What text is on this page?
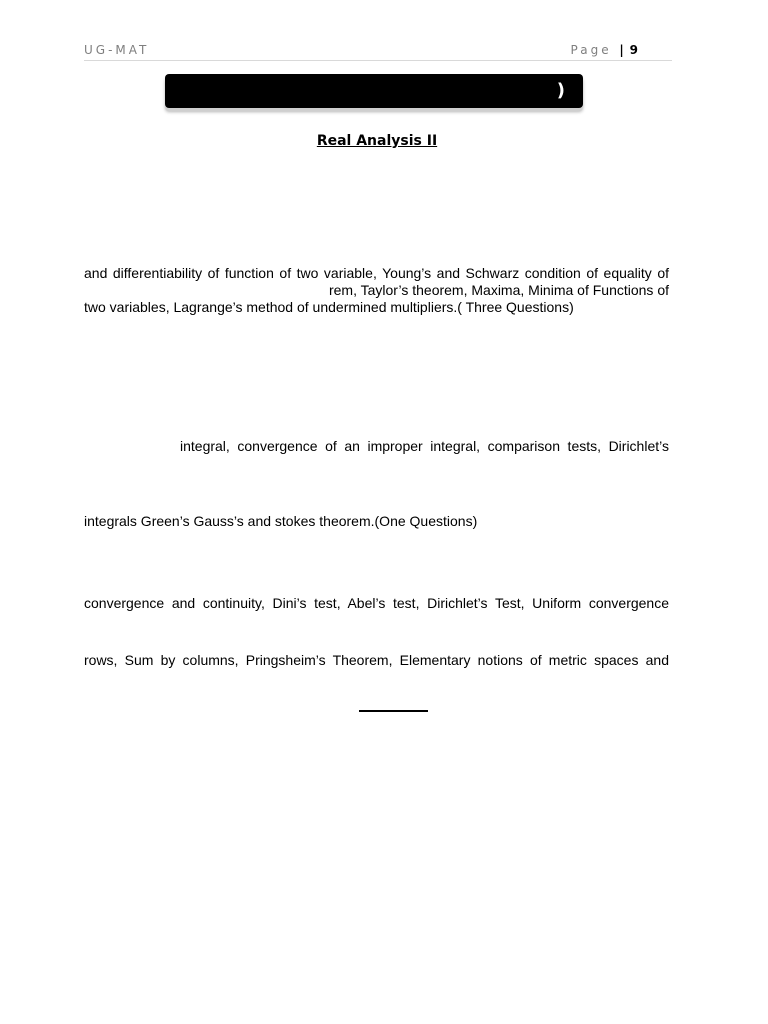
UG-MAT	Page | 9
)
Real Analysis II
and differentiability of function of two variable, Young’s and Schwarz condition of equality of
rem, Taylor’s theorem, Maxima, Minima of Functions of
two variables, Lagrange’s method of undermined multipliers.( Three Questions)
integral, convergence of an improper integral, comparison tests, Dirichlet’s
integrals Green’s Gauss’s and stokes theorem.(One Questions)
convergence and continuity, Dini’s test, Abel’s test, Dirichlet’s Test, Uniform convergence
rows, Sum by columns, Pringsheim’s Theorem, Elementary notions of metric spaces and
